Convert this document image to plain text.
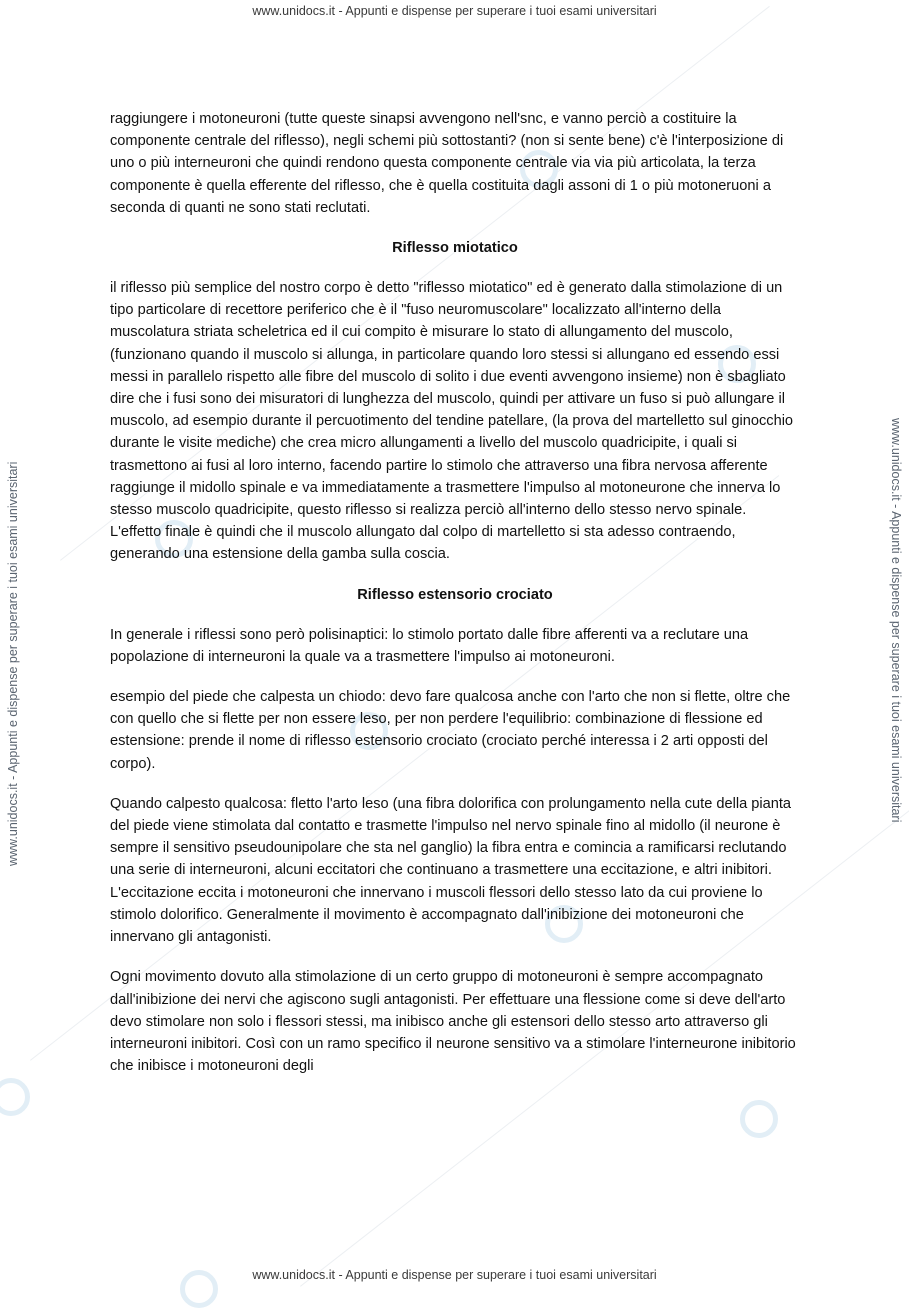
www.unidocs.it - Appunti e dispense per superare i tuoi esami universitari
www.unidocs.it - Appunti e dispense per superare i tuoi esami universitari
www.unidocs.it - Appunti e dispense per superare i tuoi esami universitari	www.unidocs.it - Appunti e dispense per superare i tuoi esami universitari

raggiungere i motoneuroni (tutte queste sinapsi avvengono nell'snc, e vanno perciò a costituire la componente centrale del riflesso), negli schemi più sottostanti? (non si sente bene) c'è l'interposizione di uno o più interneuroni che quindi rendono questa componente centrale via via più articolata, la terza componente è quella efferente del riflesso, che è quella costituita dagli assoni di 1 o più motoneruoni a seconda di quanti ne sono stati reclutati.

Riflesso miotatico

il riflesso più semplice del nostro corpo è detto "riflesso miotatico" ed è generato dalla stimolazione di un tipo particolare di recettore periferico che è il "fuso neuromuscolare" localizzato all'interno della muscolatura striata scheletrica ed il cui compito è misurare lo stato di allungamento del muscolo, (funzionano quando il muscolo si allunga, in particolare quando loro stessi si allungano ed essendo essi messi in parallelo rispetto alle fibre del muscolo di solito i due eventi avvengono insieme) non è sbagliato dire che i fusi sono dei misuratori di lunghezza del muscolo, quindi per attivare un fuso si può allungare il muscolo, ad esempio durante il percuotimento del tendine patellare, (la prova del martelletto sul ginocchio durante le visite mediche) che crea micro allungamenti a livello del muscolo quadricipite, i quali si trasmettono ai fusi al loro interno, facendo partire lo stimolo che attraverso una fibra nervosa afferente raggiunge il midollo spinale e va immediatamente a trasmettere l'impulso al motoneurone che innerva lo stesso muscolo quadricipite, questo riflesso si realizza perciò all'interno dello stesso nervo spinale. L'effetto finale è quindi che il muscolo allungato dal colpo di martelletto si sta adesso contraendo, generando una estensione della gamba sulla coscia.

Riflesso estensorio crociato

In generale i riflessi sono però polisinaptici: lo stimolo portato dalle fibre afferenti va a reclutare una popolazione di interneuroni la quale va a trasmettere l'impulso ai motoneuroni.

esempio del piede che calpesta un chiodo: devo fare qualcosa anche con l'arto che non si flette, oltre che con quello che si flette per non essere leso, per non perdere l'equilibrio: combinazione di flessione ed estensione: prende il nome di riflesso estensorio crociato (crociato perché interessa i 2 arti opposti del corpo).

Quando calpesto qualcosa: fletto l'arto leso (una fibra dolorifica con prolungamento nella cute della pianta del piede viene stimolata dal contatto e trasmette l'impulso nel nervo spinale fino al midollo (il neurone è sempre il sensitivo pseudounipolare che sta nel ganglio) la fibra entra e comincia a ramificarsi reclutando una serie di interneuroni, alcuni eccitatori che continuano a trasmettere una eccitazione, e altri inibitori. L'eccitazione eccita i motoneuroni che innervano i muscoli flessori dello stesso lato da cui proviene lo stimolo dolorifico. Generalmente il movimento è accompagnato dall'inibizione dei motoneuroni che innervano gli antagonisti.

Ogni movimento dovuto alla stimolazione di un certo gruppo di motoneuroni è sempre accompagnato dall'inibizione dei nervi che agiscono sugli antagonisti. Per effettuare una flessione come si deve dell'arto devo stimolare non solo i flessori stessi, ma inibisco anche gli estensori dello stesso arto attraverso gli interneuroni inibitori. Così con un ramo specifico il neurone sensitivo va a stimolare l'interneurone inibitorio che inibisce i motoneuroni degli
